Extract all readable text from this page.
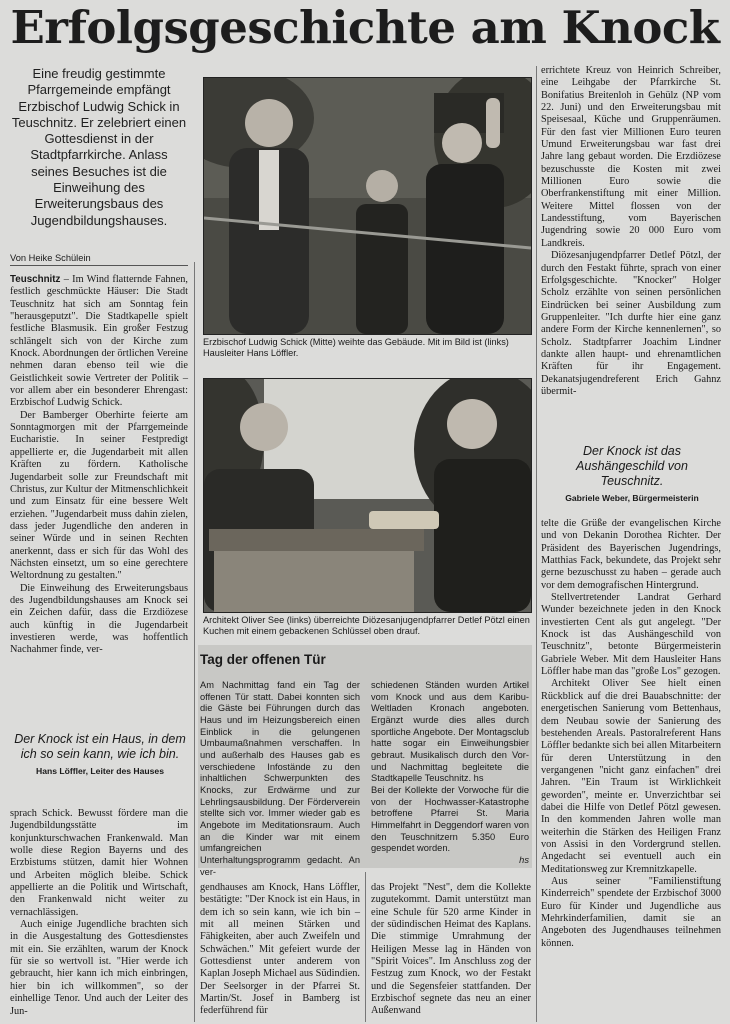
Erfolgsgeschichte am Knock
Eine freudig gestimmte Pfarrgemeinde empfängt Erzbischof Ludwig Schick in Teuschnitz. Er zelebriert einen Gottesdienst in der Stadtpfarrkirche. Anlass seines Besuches ist die Einweihung des Erweiterungsbaus des Jugendbildungshauses.
Von Heike Schülein

Teuschnitz – Im Wind flatternde Fahnen, festlich geschmückte Häuser: Die Stadt Teuschnitz hat sich am Sonntag fein "herausgeputzt". Die Stadtkapelle spielt festliche Blasmusik. Ein großer Festzug schlängelt sich von der Kirche zum Knock. Abordnungen der örtlichen Vereine nehmen daran ebenso teil wie die Geistlichkeit sowie Vertreter der Politik – vor allem aber ein besonderer Ehrengast: Erzbischof Ludwig Schick.

Der Bamberger Oberhirte feierte am Sonntagmorgen mit der Pfarrgemeinde Eucharistie. In seiner Festpredigt appellierte er, die Jugendarbeit mit allen Kräften zu fördern. Katholische Jugendarbeit solle zur Freundschaft mit Christus, zur Kultur der Mitmenschlichkeit und zum Einsatz für eine bessere Welt erziehen. "Jugendarbeit muss dahin zielen, dass jeder Jugendliche den anderen in seiner Würde und in seinen Rechten anerkennt, dass er sich für das Wohl des Nächsten einsetzt, um so eine gerechtere Weltordnung zu gestalten."

Die Einweihung des Erweiterungsbaus des Jugendbildungshauses am Knock sei ein Zeichen dafür, dass die Erzdiözese auch künftig in die Jugendarbeit investieren werde, was hoffentlich Nachahmer finde, ver-

Der Knock ist ein Haus, in dem ich so sein kann, wie ich bin.
Hans Löffler, Leiter des Hauses

sprach Schick. Bewusst fördere man die Jugendbildungsstätte im konjunkturschwachen Frankenwald. Man wolle diese Region Bayerns und des Erzbistums stützen, damit hier Wohnen und Arbeiten möglich bleibe. Schick appellierte an die Politik und Wirtschaft, den Frankenwald nicht weiter zu vernachlässigen.

Auch einige Jugendliche brachten sich in die Ausgestaltung des Gottesdienstes mit ein. Sie erzählten, warum der Knock für sie so wertvoll ist. "Hier werde ich gebraucht, hier kann ich mich einbringen, hier bin ich willkommen", so der einhellige Tenor. Und auch der Leiter des Jun-

Erzbischof Ludwig Schick (Mitte) weihte das Gebäude. Mit im Bild ist (links) Hausleiter Hans Löffler.
Architekt Oliver See (links) überreichte Diözesanjugendpfarrer Detlef Pötzl einen Kuchen mit einem gebackenen Schlüssel oben drauf.
Tag der offenen Tür
Am Nachmittag fand ein Tag der offenen Tür statt. Dabei konnten sich die Gäste bei Führungen durch das Haus und im Heizungsbereich einen Einblick in die gelungenen Umbaumaßnahmen verschaffen. In und außerhalb des Hauses gab es verschiedene Infostände zu den inhaltlichen Schwerpunkten des Knocks, zur Erdwärme und zur Lehrlingsausbildung. Der Förderverein stellte sich vor. Immer wieder gab es Angebote im Meditationsraum. Auch an die Kinder war mit einem umfangreichen Unterhaltungsprogramm gedacht. An ver-

schiedenen Ständen wurden Artikel vom Knock und aus dem Karibu-Weltladen Kronach angeboten. Ergänzt wurde dies alles durch sportliche Angebote. Der Montagsclub hatte sogar ein Einweihungsbier gebraut. Musikalisch durch den Vor- und Nachmittag begleitete die Stadtkapelle Teuschnitz. hs

Bei der Kollekte der Vorwoche für die von der Hochwasser-Katastrophe betroffene Pfarrei St. Maria Himmelfahrt in Deggendorf waren von den Teuschnitzern 5.350 Euro gespendet worden.

hs

gendhauses am Knock, Hans Löffler, bestätigte: "Der Knock ist ein Haus, in dem ich so sein kann, wie ich bin – mit all meinen Stärken und Fähigkeiten, aber auch Zweifeln und Schwächen." Mit gefeiert wurde der Gottesdienst unter anderem von Kaplan Joseph Michael aus Südindien. Der Seelsorger in der Pfarrei St. Martin/St. Josef in Bamberg ist federführend für
das Projekt "Nest", dem die Kollekte zugutekommt. Damit unterstützt man eine Schule für 520 arme Kinder in der südindischen Heimat des Kaplans. Die stimmige Umrahmung der Heiligen Messe lag in Händen von "Spirit Voices". Im Anschluss zog der Festzug zum Knock, wo der Festakt und die Segensfeier stattfanden. Der Erzbischof segnete das neu an einer Außenwand

errichtete Kreuz von Heinrich Schreiber, eine Leihgabe der Pfarrkirche St. Bonifatius Breitenloh in Gehülz (NP vom 22. Juni) und den Erweiterungsbau mit Speisesaal, Küche und Gruppenräumen. Für den fast vier Millionen Euro teuren Umund Erweiterungsbau war fast drei Jahre lang gebaut worden. Die Erzdiözese bezuschusste die Kosten mit zwei Millionen Euro sowie die Oberfrankenstiftung mit einer Million. Weitere Mittel flossen von der Landesstiftung, vom Bayerischen Jugendring sowie 20 000 Euro vom Landkreis.

Diözesanjugendpfarrer Detlef Pötzl, der durch den Festakt führte, sprach von einer Erfolgsgeschichte. "Knocker" Holger Scholz erzählte von seinen persönlichen Eindrücken bei seiner Ausbildung zum Gruppenleiter. "Ich durfte hier eine ganz andere Form der Kirche kennenlernen", so Scholz. Stadtpfarrer Joachim Lindner dankte allen haupt- und ehrenamtlichen Kräften für ihr Engagement. Dekanatsjugendreferent Erich Gahnz übermit-

Der Knock ist das Aushängeschild von Teuschnitz.
Gabriele Weber, Bürgermeisterin

telte die Grüße der evangelischen Kirche und von Dekanin Dorothea Richter. Der Präsident des Bayerischen Jugendrings, Matthias Fack, bekundete, das Projekt sehr gerne bezuschusst zu haben – gerade auch vor dem demografischen Hintergrund.

Stellvertretender Landrat Gerhard Wunder bezeichnete jeden in den Knock investierten Cent als gut angelegt. "Der Knock ist das Aushängeschild von Teuschnitz", betonte Bürgermeisterin Gabriele Weber. Mit dem Hausleiter Hans Löffler habe man das "große Los" gezogen.

Architekt Oliver See hielt einen Rückblick auf die drei Bauabschnitte: der energetischen Sanierung vom Bettenhaus, dem Neubau sowie der Sanierung des bestehenden Areals. Pastoralreferent Hans Löffler bedankte sich bei allen Mitarbeitern für deren Unterstützung in den vergangenen "nicht ganz einfachen" drei Jahren. "Ein Traum ist Wirklichkeit geworden", meinte er. Unverzichtbar sei dabei die Hilfe von Detlef Pötzl gewesen. In den kommenden Jahren wolle man weiterhin die Stärken des Heiligen Franz von Assisi in den Vordergrund stellen. Angedacht sei eventuell auch ein Meditationsweg zur Kremnitzkapelle.

Aus seiner "Familienstiftung Kinderreich" spendete der Erzbischof 3000 Euro für Kinder und Jugendliche aus Mehrkinderfamilien, damit sie an Angeboten des Jugendhauses teilnehmen können.
